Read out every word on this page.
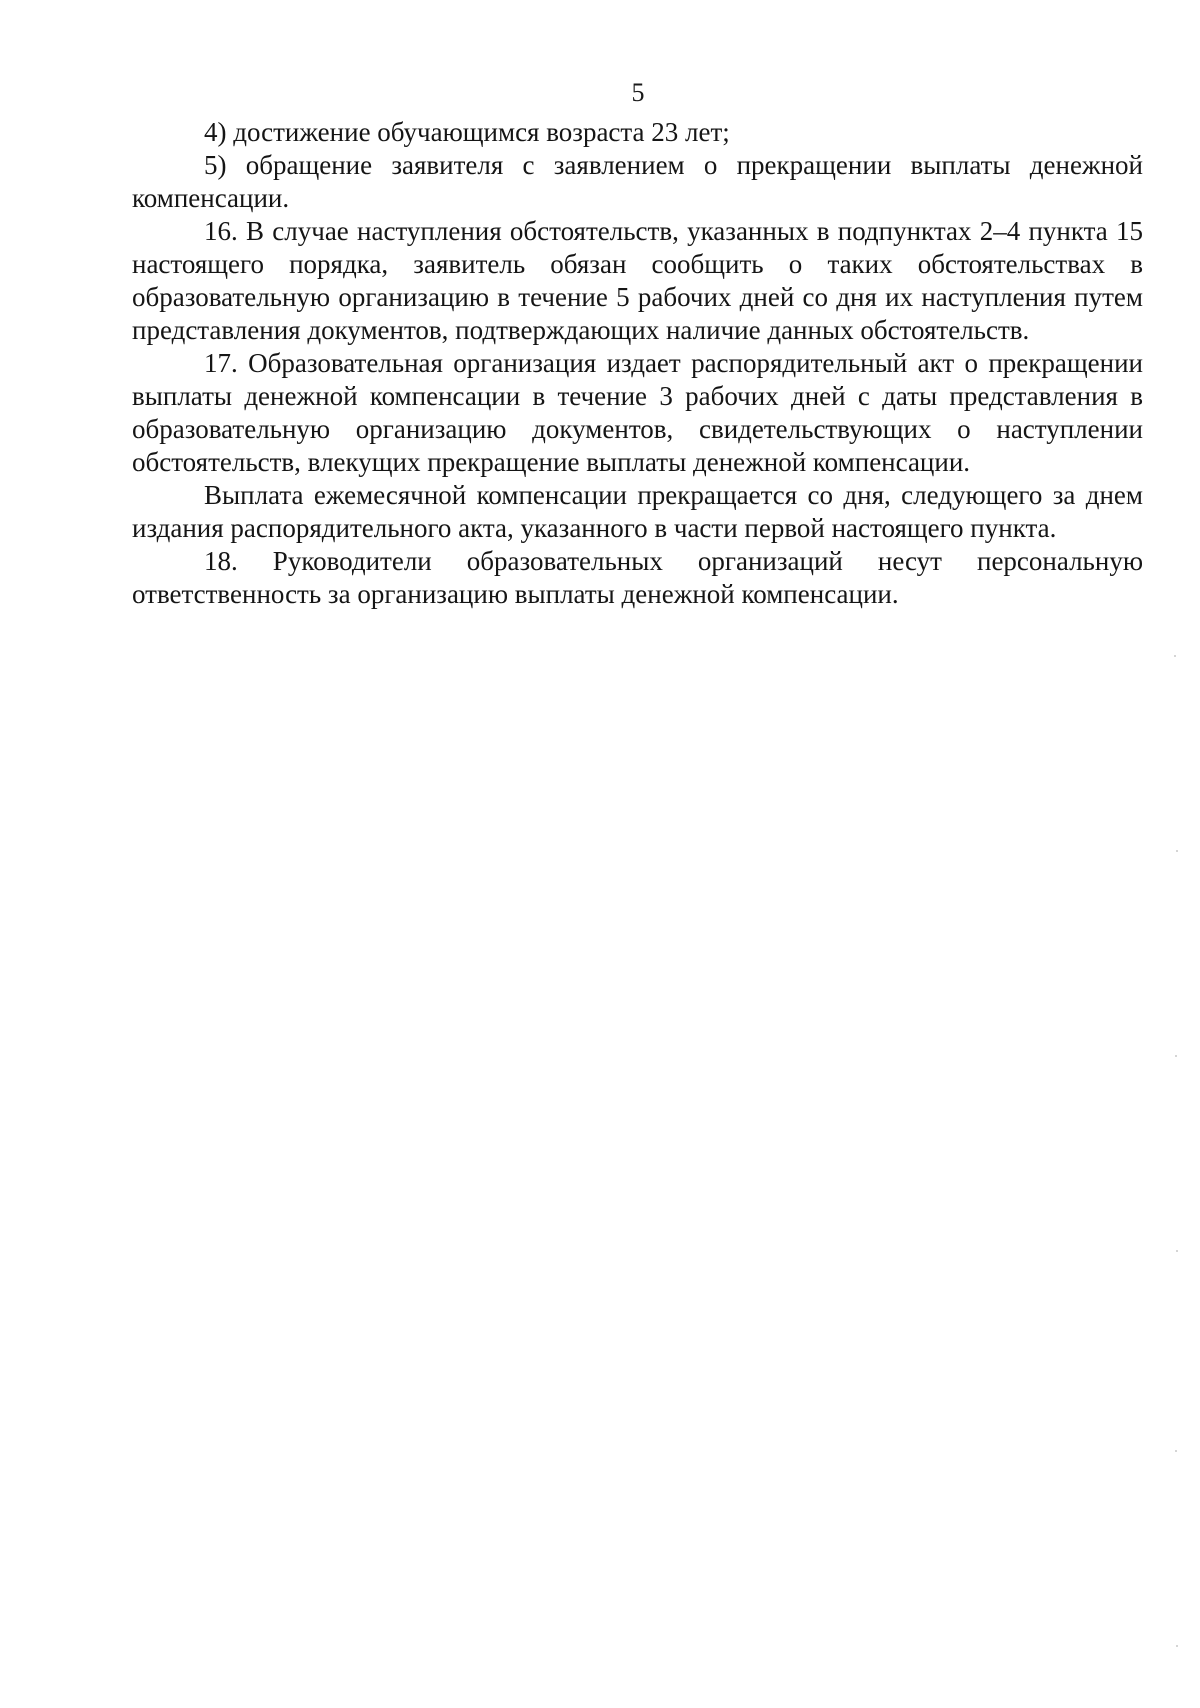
5

4) достижение обучающимся возраста 23 лет;

5) обращение заявителя с заявлением о прекращении выплаты денежной компенсации.

16. В случае наступления обстоятельств, указанных в подпунктах 2–4 пункта 15 настоящего порядка, заявитель обязан сообщить о таких обстоятельствах в образовательную организацию в течение 5 рабочих дней со дня их наступления путем представления документов, подтверждающих наличие данных обстоятельств.

17. Образовательная организация издает распорядительный акт о прекращении выплаты денежной компенсации в течение 3 рабочих дней с даты представления в образовательную организацию документов, свидетельствующих о наступлении обстоятельств, влекущих прекращение выплаты денежной компенсации.

Выплата ежемесячной компенсации прекращается со дня, следующего за днем издания распорядительного акта, указанного в части первой настоящего пункта.

18. Руководители образовательных организаций несут персональную ответственность за организацию выплаты денежной компенсации.
